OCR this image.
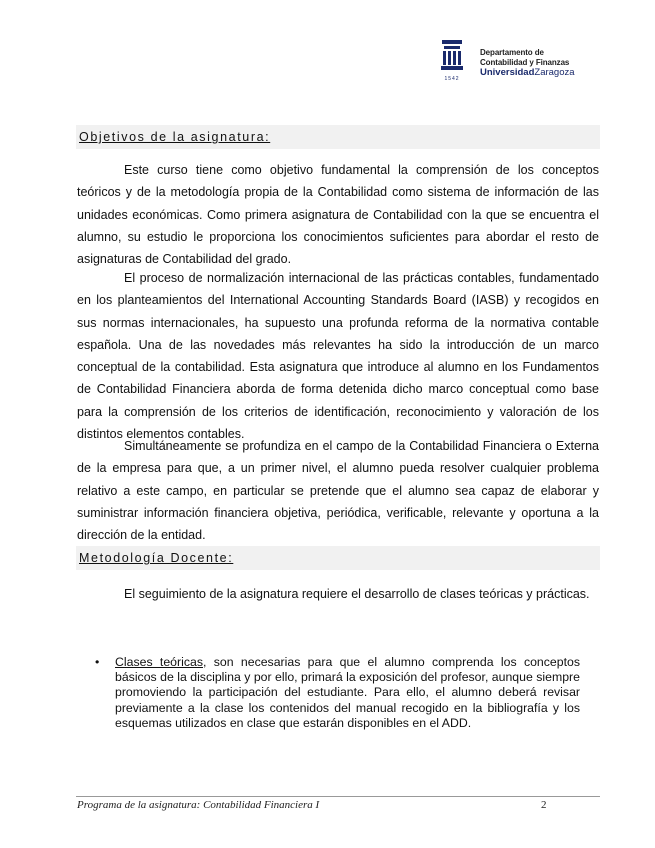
1542
Departamento de
Contabilidad y Finanzas
UniversidadZaragoza
Objetivos de la asignatura:

Este curso tiene como objetivo fundamental la comprensión de los conceptos teóricos y de la metodología propia de la Contabilidad como sistema de información de las unidades económicas. Como primera asignatura de Contabilidad con la que se encuentra el alumno, su estudio le proporciona los conocimientos suficientes para abordar el resto de asignaturas de Contabilidad del grado.

El proceso de normalización internacional de las prácticas contables, fundamentado en los planteamientos del International Accounting Standards Board (IASB) y recogidos en sus normas internacionales, ha supuesto una profunda reforma de la normativa contable española. Una de las novedades más relevantes ha sido la introducción de un marco conceptual de la contabilidad. Esta asignatura que introduce al alumno en los Fundamentos de Contabilidad Financiera aborda de forma detenida dicho marco conceptual como base para la comprensión de los criterios de identificación, reconocimiento y valoración de los distintos elementos contables.

Simultáneamente se profundiza en el campo de la Contabilidad Financiera o Externa de la empresa para que, a un primer nivel, el alumno pueda resolver cualquier problema relativo a este campo, en particular se pretende que el alumno sea capaz de elaborar y suministrar información financiera objetiva, periódica, verificable, relevante y oportuna a la dirección de la entidad.

Metodología Docente:

El seguimiento de la asignatura requiere el desarrollo de clases teóricas y prácticas.

• Clases teóricas, son necesarias para que el alumno comprenda los conceptos básicos de la disciplina y por ello, primará la exposición del profesor, aunque siempre promoviendo la participación del estudiante. Para ello, el alumno deberá revisar previamente a la clase los contenidos del manual recogido en la bibliografía y los esquemas utilizados en clase que estarán disponibles en el ADD.

Programa de la asignatura: Contabilidad Financiera I	2
